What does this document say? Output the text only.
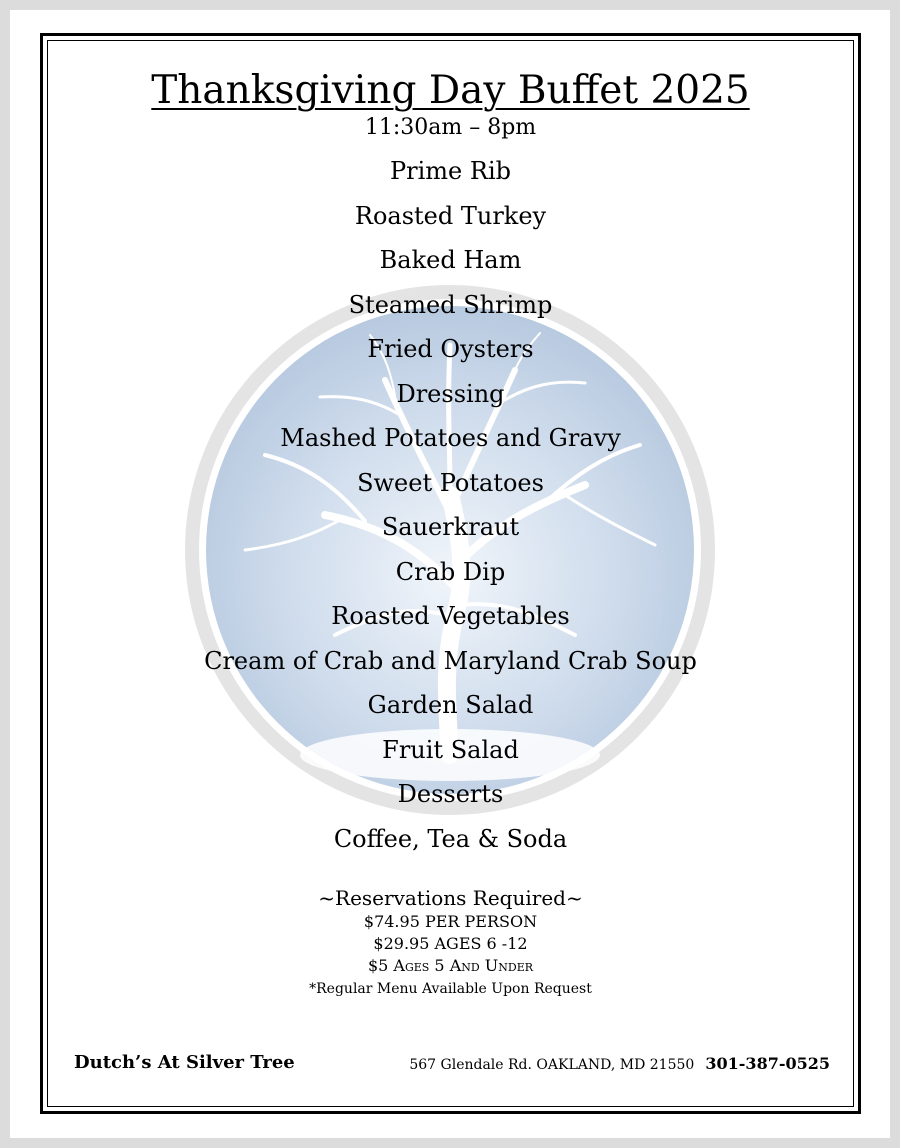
Thanksgiving Day Buffet 2025
11:30am – 8pm
Prime Rib
Roasted Turkey
Baked Ham
Steamed Shrimp
Fried Oysters
Dressing
Mashed Potatoes and Gravy
Sweet Potatoes
Sauerkraut
Crab Dip
Roasted Vegetables
Cream of Crab and Maryland Crab Soup
Garden Salad
Fruit Salad
Desserts
Coffee, Tea & Soda
~Reservations Required~
$74.95 PER PERSON
$29.95 AGES 6 -12
$5 Ages 5 And Under
*Regular Menu Available Upon Request
Dutch’s At Silver Tree	567 Glendale Rd. OAKLAND, MD 21550 301-387-0525
